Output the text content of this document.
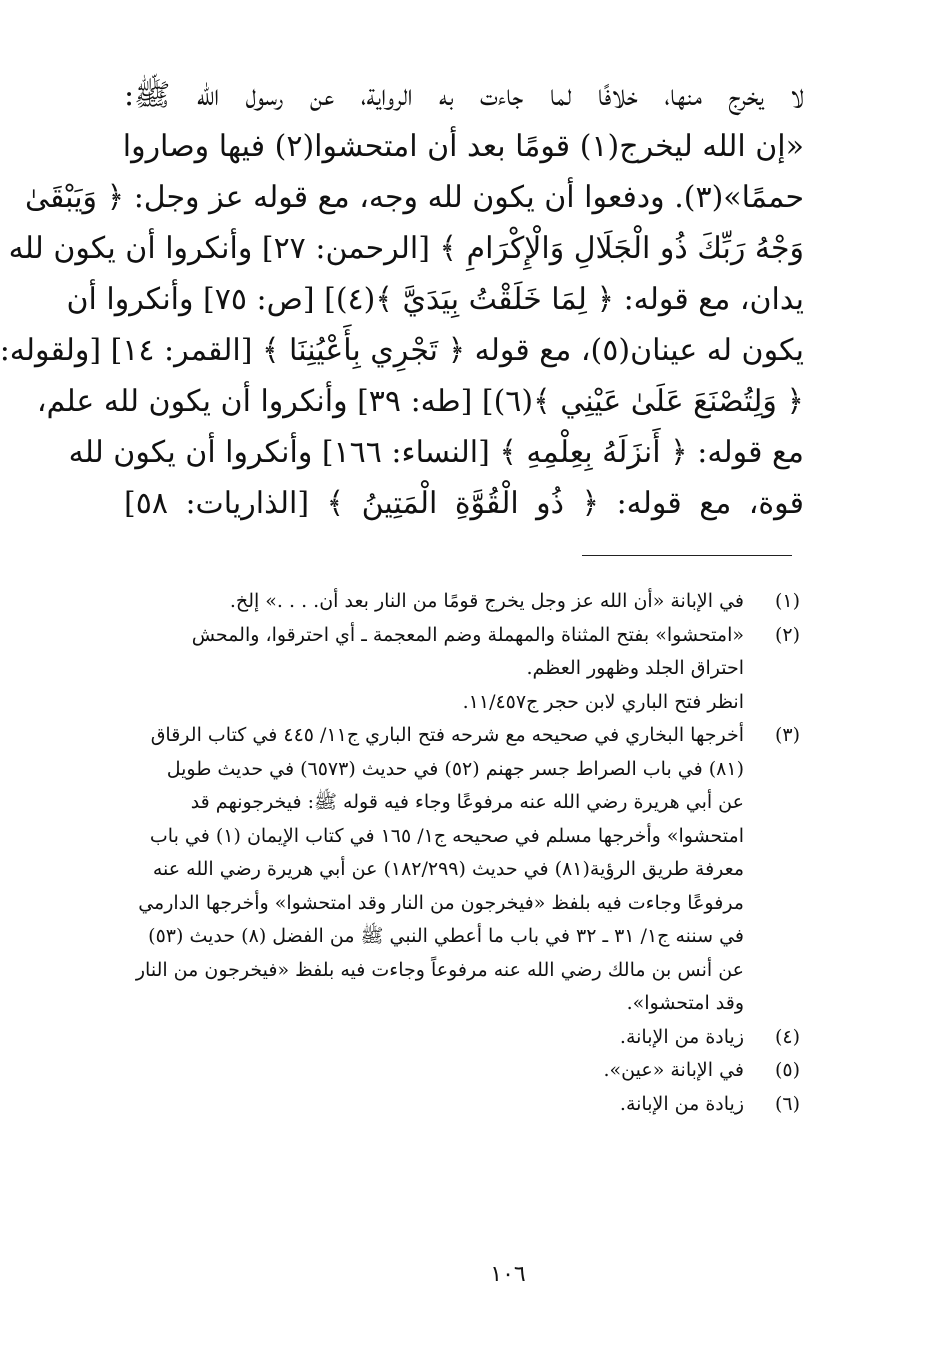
لا يخرج منها، خلافًا لما جاءت به الرواية، عن رسول الله ﷺ:
«إن الله ليخرج(١) قومًا بعد أن امتحشوا(٢) فيها وصاروا
حممًا»(٣). ودفعوا أن يكون لله وجه، مع قوله عز وجل: ﴿ وَيَبْقَىٰ
وَجْهُ رَبِّكَ ذُو الْجَلَالِ وَالْإِكْرَامِ ﴾ [الرحمن: ٢٧] وأنكروا أن يكون لله
يدان، مع قوله: ﴿ لِمَا خَلَقْتُ بِيَدَيَّ ﴾(٤)] [ص: ٧٥] وأنكروا أن
يكون له عينان(٥)، مع قوله ﴿ تَجْرِي بِأَعْيُنِنَا ﴾ [القمر: ١٤] [ولقوله:
﴿ وَلِتُصْنَعَ عَلَىٰ عَيْنِي ﴾(٦)] [طه: ٣٩] وأنكروا أن يكون لله علم،
مع قوله: ﴿ أَنزَلَهُ بِعِلْمِهِ ﴾ [النساء: ١٦٦] وأنكروا أن يكون لله
قوة، مع قوله: ﴿ ذُو الْقُوَّةِ الْمَتِينُ ﴾ [الذاريات: ٥٨]
(١)
في الإبانة «أن الله عز وجل يخرج قومًا من النار بعد أن. . . .» إلخ.
(٢)
«امتحشوا» بفتح المثناة والمهملة وضم المعجمة ـ أي احترقوا، والمحش
احتراق الجلد وظهور العظم.
انظر فتح الباري لابن حجر ج١١/٤٥٧.
(٣)
أخرجها البخاري في صحيحه مع شرحه فتح الباري ج١١/ ٤٤٥ في كتاب الرقاق
(٨١) في باب الصراط جسر جهنم (٥٢) في حديث (٦٥٧٣) في حديث طويل
عن أبي هريرة رضي الله عنه مرفوعًا وجاء فيه قوله ﷺ: فيخرجونهم قد
امتحشوا» وأخرجها مسلم في صحيحه ج١/ ١٦٥ في كتاب الإيمان (١) في باب
معرفة طريق الرؤية(٨١) في حديث (١٨٢/٢٩٩) عن أبي هريرة رضي الله عنه
مرفوعًا وجاءت فيه بلفظ «فيخرجون من النار وقد امتحشوا» وأخرجها الدارمي
في سننه ج١/ ٣١ ـ ٣٢ في باب ما أعطي النبي ﷺ من الفضل (٨) حديث (٥٣)
عن أنس بن مالك رضي الله عنه مرفوعاً وجاءت فيه بلفظ «فيخرجون من النار
وقد امتحشوا».
(٤)
زيادة من الإبانة.
(٥)
في الإبانة «عين».
(٦)
زيادة من الإبانة.
١٠٦
